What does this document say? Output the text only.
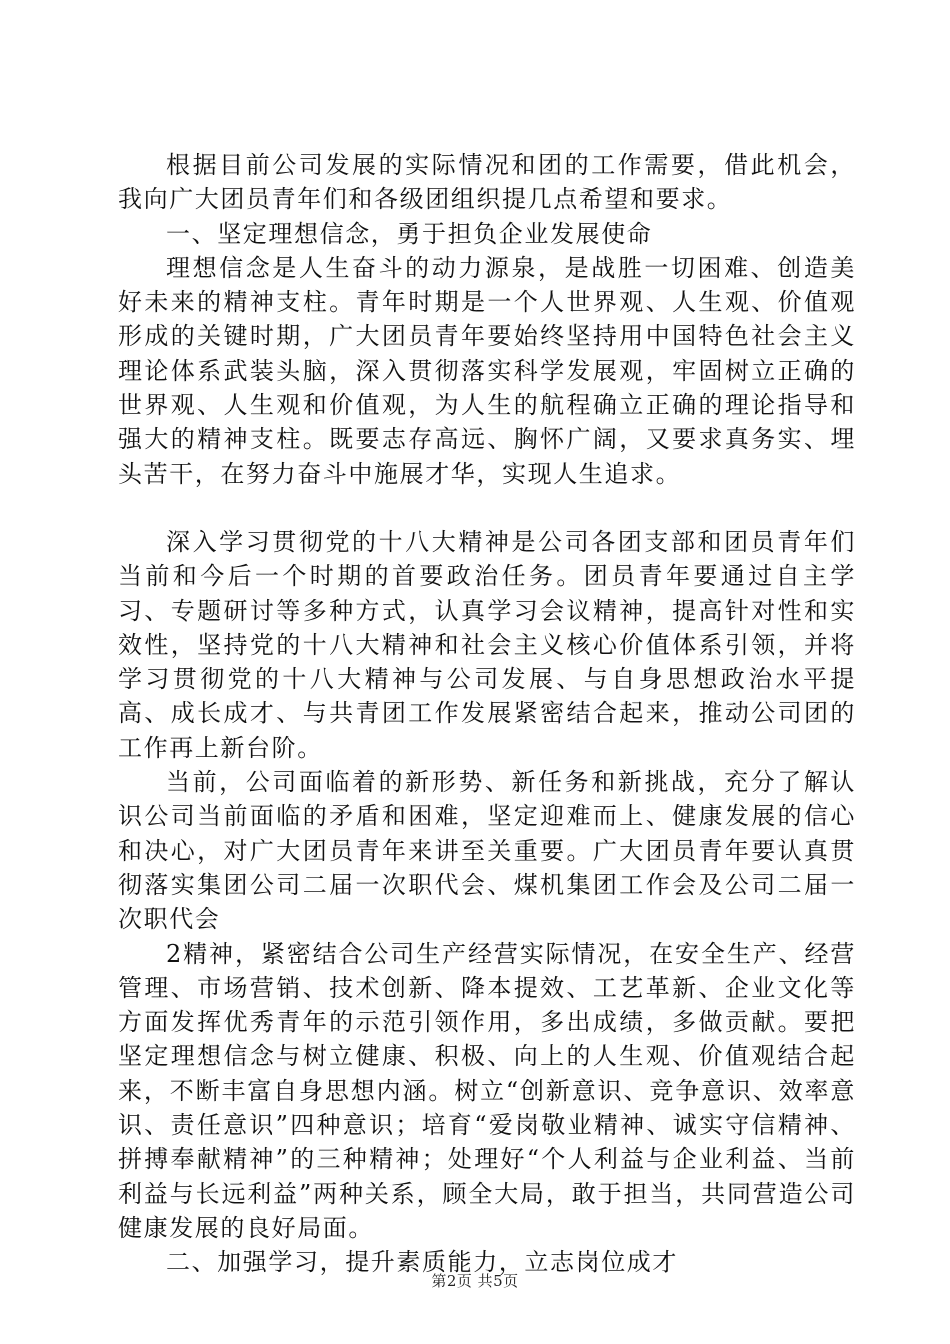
根据目前公司发展的实际情况和团的工作需要，借此机会，我向广大团员青年们和各级团组织提几点希望和要求。

一、坚定理想信念，勇于担负企业发展使命

理想信念是人生奋斗的动力源泉，是战胜一切困难、创造美好未来的精神支柱。青年时期是一个人世界观、人生观、价值观形成的关键时期，广大团员青年要始终坚持用中国特色社会主义理论体系武装头脑，深入贯彻落实科学发展观，牢固树立正确的世界观、人生观和价值观，为人生的航程确立正确的理论指导和强大的精神支柱。既要志存高远、胸怀广阔，又要求真务实、埋头苦干，在努力奋斗中施展才华，实现人生追求。

深入学习贯彻党的十八大精神是公司各团支部和团员青年们当前和今后一个时期的首要政治任务。团员青年要通过自主学习、专题研讨等多种方式，认真学习会议精神，提高针对性和实效性，坚持党的十八大精神和社会主义核心价值体系引领，并将学习贯彻党的十八大精神与公司发展、与自身思想政治水平提高、成长成才、与共青团工作发展紧密结合起来，推动公司团的工作再上新台阶。

当前，公司面临着的新形势、新任务和新挑战，充分了解认识公司当前面临的矛盾和困难，坚定迎难而上、健康发展的信心和决心，对广大团员青年来讲至关重要。广大团员青年要认真贯彻落实集团公司二届一次职代会、煤机集团工作会及公司二届一次职代会

2精神，紧密结合公司生产经营实际情况，在安全生产、经营管理、市场营销、技术创新、降本提效、工艺革新、企业文化等方面发挥优秀青年的示范引领作用，多出成绩，多做贡献。要把坚定理想信念与树立健康、积极、向上的人生观、价值观结合起来，不断丰富自身思想内涵。树立“创新意识、竞争意识、效率意识、责任意识”四种意识；培育“爱岗敬业精神、诚实守信精神、拼搏奉献精神”的三种精神；处理好“个人利益与企业利益、当前利益与长远利益”两种关系，顾全大局，敢于担当，共同营造公司健康发展的良好局面。

二、加强学习，提升素质能力，立志岗位成才

第2页 共5页
